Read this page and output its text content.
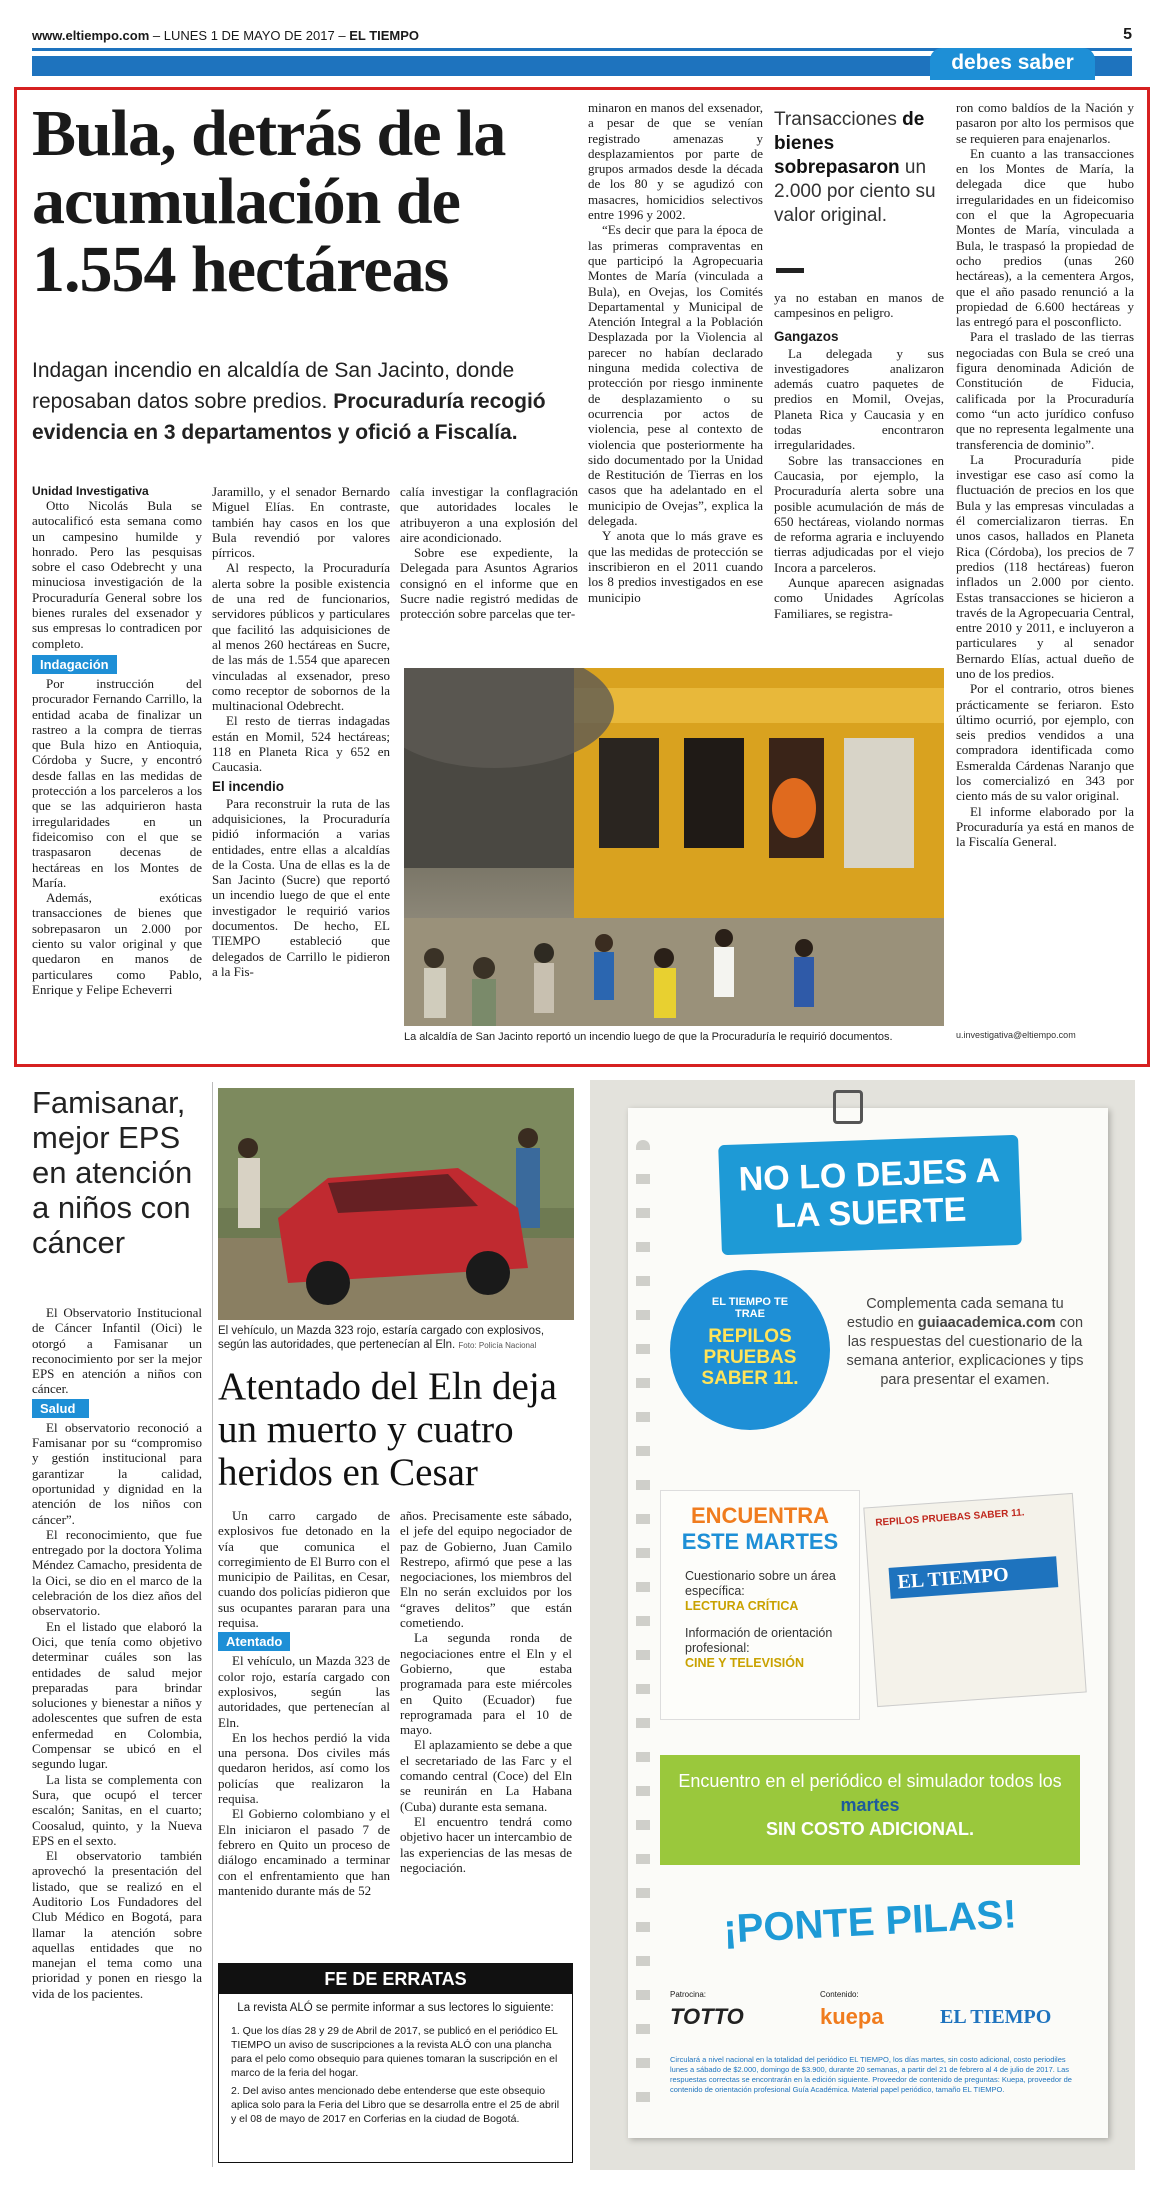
www.eltiempo.com – LUNES 1 DE MAYO DE 2017 – EL TIEMPO	5
debes saber
Bula, detrás de la acumulación de 1.554 hectáreas
Indagan incendio en alcaldía de San Jacinto, donde reposaban datos sobre predios. Procuraduría recogió evidencia en 3 departamentos y ofició a Fiscalía.
Unidad Investigativa

Otto Nicolás Bula se autocalificó esta semana como un campesino humilde y honrado. Pero las pesquisas sobre el caso Odebrecht y una minuciosa investigación de la Procuraduría General sobre los bienes rurales del exsenador y sus empresas lo contradicen por completo.

Indagación

Por instrucción del procurador Fernando Carrillo, la entidad acaba de finalizar un rastreo a la compra de tierras que Bula hizo en Antioquia, Córdoba y Sucre, y encontró desde fallas en las medidas de protección a los parceleros a los que se las adquirieron hasta irregularidades en un fideicomiso con el que se traspasaron decenas de hectáreas en los Montes de María.

Además, exóticas transacciones de bienes que sobrepasaron un 2.000 por ciento su valor original y que quedaron en manos de particulares como Pablo, Enrique y Felipe Echeverri

Jaramillo, y el senador Bernardo Miguel Elías. En contraste, también hay casos en los que Bula revendió por valores pírricos.

Al respecto, la Procuraduría alerta sobre la posible existencia de una red de funcionarios, servidores públicos y particulares que facilitó las adquisiciones de al menos 260 hectáreas en Sucre, de las más de 1.554 que aparecen vinculadas al exsenador, preso como receptor de sobornos de la multinacional Odebrecht.

El resto de tierras indagadas están en Momil, 524 hectáreas; 118 en Planeta Rica y 652 en Caucasia.

El incendio

Para reconstruir la ruta de las adquisiciones, la Procuraduría pidió información a varias entidades, entre ellas a alcaldías de la Costa. Una de ellas es la de San Jacinto (Sucre) que reportó un incendio luego de que el ente investigador le requirió varios documentos. De hecho, EL TIEMPO estableció que delegados de Carrillo le pidieron a la Fis-

calía investigar la conflagración que autoridades locales le atribuyeron a una explosión del aire acondicionado.

Sobre ese expediente, la Delegada para Asuntos Agrarios consignó en el informe que en Sucre nadie registró medidas de protección sobre parcelas que ter-

minaron en manos del exsenador, a pesar de que se venían registrado amenazas y desplazamientos por parte de grupos armados desde la década de los 80 y se agudizó con masacres, homicidios selectivos entre 1996 y 2002.

“Es decir que para la época de las primeras compraventas en que participó la Agropecuaria Montes de María (vinculada a Bula), en Ovejas, los Comités Departamental y Municipal de Atención Integral a la Población Desplazada por la Violencia al parecer no habían declarado ninguna medida colectiva de protección por riesgo inminente de desplazamiento o su ocurrencia por actos de violencia, pese al contexto de violencia que posteriormente ha sido documentado por la Unidad de Restitución de Tierras en los casos que ha adelantado en el municipio de Ovejas”, explica la delegada.

Y anota que lo más grave es que las medidas de protección se inscribieron en el 2011 cuando los 8 predios investigados en ese municipio

Transacciones de bienes sobrepasaron un 2.000 por ciento su valor original.

ya no estaban en manos de campesinos en peligro.

Gangazos

La delegada y sus investigadores analizaron además cuatro paquetes de predios en Momil, Ovejas, Planeta Rica y Caucasia y en todas encontraron irregularidades.

Sobre las transacciones en Caucasia, por ejemplo, la Procuraduría alerta sobre una posible acumulación de más de 650 hectáreas, violando normas de reforma agraria e incluyendo tierras adjudicadas por el viejo Incora a parceleros.

Aunque aparecen asignadas como Unidades Agrícolas Familiares, se registra-

ron como baldíos de la Nación y pasaron por alto los permisos que se requieren para enajenarlos.

En cuanto a las transacciones en los Montes de María, la delegada dice que hubo irregularidades en un fideicomiso con el que la Agropecuaria Montes de María, vinculada a Bula, le traspasó la propiedad de ocho predios (unas 260 hectáreas), a la cementera Argos, que el año pasado renunció a la propiedad de 6.600 hectáreas y las entregó para el posconflicto.

Para el traslado de las tierras negociadas con Bula se creó una figura denominada Adición de Constitución de Fiducia, calificada por la Procuraduría como “un acto jurídico confuso que no representa legalmente una transferencia de dominio”.

La Procuraduría pide investigar ese caso así como la fluctuación de precios en los que Bula y las empresas vinculadas a él comercializaron tierras. En unos casos, hallados en Planeta Rica (Córdoba), los precios de 7 predios (118 hectáreas) fueron inflados un 2.000 por ciento. Estas transacciones se hicieron a través de la Agropecuaria Central, entre 2010 y 2011, e incluyeron a particulares y al senador Bernardo Elías, actual dueño de uno de los predios.

Por el contrario, otros bienes prácticamente se feriaron. Esto último ocurrió, por ejemplo, con seis predios vendidos a una compradora identificada como Esmeralda Cárdenas Naranjo que los comercializó en 343 por ciento más de su valor original.

El informe elaborado por la Procuraduría ya está en manos de la Fiscalía General.

u.investigativa@eltiempo.com
La alcaldía de San Jacinto reportó un incendio luego de que la Procuraduría le requirió documentos.
Famisanar, mejor EPS en atención a niños con cáncer

El Observatorio Institucional de Cáncer Infantil (Oici) le otorgó a Famisanar un reconocimiento por ser la mejor EPS en atención a niños con cáncer.

Salud

El observatorio reconoció a Famisanar por su “compromiso y gestión institucional para garantizar la calidad, oportunidad y dignidad en la atención de los niños con cáncer”.

El reconocimiento, que fue entregado por la doctora Yolima Méndez Camacho, presidenta de la Oici, se dio en el marco de la celebración de los diez años del observatorio.

En el listado que elaboró la Oici, que tenía como objetivo determinar cuáles son las entidades de salud mejor preparadas para brindar soluciones y bienestar a niños y adolescentes que sufren de esta enfermedad en Colombia, Compensar se ubicó en el segundo lugar.

La lista se complementa con Sura, que ocupó el tercer escalón; Sanitas, en el cuarto; Coosalud, quinto, y la Nueva EPS en el sexto.

El observatorio también aprovechó la presentación del listado, que se realizó en el Auditorio Los Fundadores del Club Médico en Bogotá, para llamar la atención sobre aquellas entidades que no manejan el tema como una prioridad y ponen en riesgo la vida de los pacientes.

El vehículo, un Mazda 323 rojo, estaría cargado con explosivos, según las autoridades, que pertenecían al Eln. Foto: Policía Nacional
Atentado del Eln deja un muerto y cuatro heridos en Cesar

Un carro cargado de explosivos fue detonado en la vía que comunica el corregimiento de El Burro con el municipio de Pailitas, en Cesar, cuando dos policías pidieron que sus ocupantes pararan para una requisa.

Atentado

El vehículo, un Mazda 323 de color rojo, estaría cargado con explosivos, según las autoridades, que pertenecían al Eln.

En los hechos perdió la vida una persona. Dos civiles más quedaron heridos, así como los policías que realizaron la requisa.

El Gobierno colombiano y el Eln iniciaron el pasado 7 de febrero en Quito un proceso de diálogo encaminado a terminar con el enfrentamiento que han mantenido durante más de 52

años. Precisamente este sábado, el jefe del equipo negociador de paz de Gobierno, Juan Camilo Restrepo, afirmó que pese a las negociaciones, los miembros del Eln no serán excluidos por los “graves delitos” que están cometiendo.

La segunda ronda de negociaciones entre el Eln y el Gobierno, que estaba programada para este miércoles en Quito (Ecuador) fue reprogramada para el 10 de mayo.

El aplazamiento se debe a que el secretariado de las Farc y el comando central (Coce) del Eln se reunirán en La Habana (Cuba) durante esta semana.

El encuentro tendrá como objetivo hacer un intercambio de las experiencias de las mesas de negociación.

FE DE ERRATAS
La revista ALÓ se permite informar a sus lectores lo siguiente:
1. Que los días 28 y 29 de Abril de 2017, se publicó en el periódico EL TIEMPO un aviso de suscripciones a la revista ALÓ con una plancha para el pelo como obsequio para quienes tomaran la suscripción en el marco de la feria del hogar.
2. Del aviso antes mencionado debe entenderse que este obsequio aplica solo para la Feria del Libro que se desarrolla entre el 25 de abril y el 08 de mayo de 2017 en Corferias en la ciudad de Bogotá.
NO LO DEJES A LA SUERTE
EL TIEMPO TE TRAE
REPILOS PRUEBAS SABER 11.
Complementa cada semana tu estudio en guiaacademica.com con las respuestas del cuestionario de la semana anterior, explicaciones y tips para presentar el examen.
ENCUENTRA
ESTE MARTES
Cuestionario sobre un área específica:
LECTURA CRÍTICA
Información de orientación profesional:
CINE Y TELEVISIÓN
REPILOS PRUEBAS SABER 11.
EL TIEMPO
Encuentro en el periódico el simulador todos los martes
SIN COSTO ADICIONAL.
¡PONTE PILAS!
Patrocina:
TOTTO
Contenido:
kuepa	EL TIEMPO
Circulará a nivel nacional en la totalidad del periódico EL TIEMPO, los días martes, sin costo adicional, costo periodiles lunes a sábado de $2.000, domingo de $3.900, durante 20 semanas, a partir del 21 de febrero al 4 de julio de 2017. Las respuestas correctas se encontrarán en la edición siguiente. Proveedor de contenido de preguntas: Kuepa, proveedor de contenido de orientación profesional Guía Académica. Material papel periódico, tamaño EL TIEMPO.
